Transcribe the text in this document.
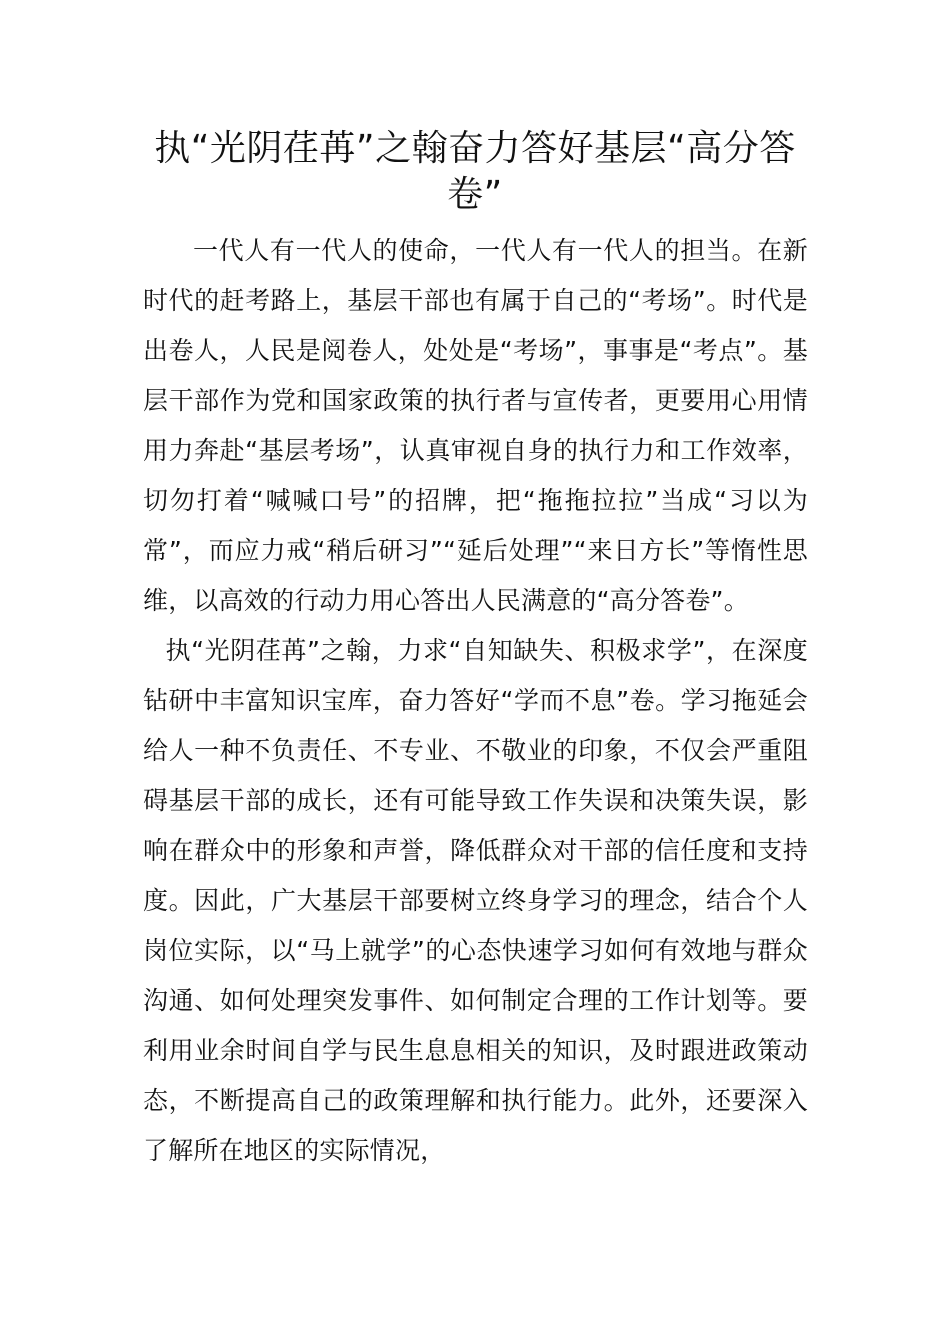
执“光阴荏苒”之翰奋力答好基层“高分答卷”

一代人有一代人的使命，一代人有一代人的担当。在新时代的赶考路上，基层干部也有属于自己的“考场”。时代是出卷人，人民是阅卷人，处处是“考场”，事事是“考点”。基层干部作为党和国家政策的执行者与宣传者，更要用心用情用力奔赴“基层考场”，认真审视自身的执行力和工作效率，切勿打着“喊喊口号”的招牌，把“拖拖拉拉”当成“习以为常”，而应力戒“稍后研习”“延后处理”“来日方长”等惰性思维，以高效的行动力用心答出人民满意的“高分答卷”。

执“光阴荏苒”之翰，力求“自知缺失、积极求学”，在深度钻研中丰富知识宝库，奋力答好“学而不息”卷。学习拖延会给人一种不负责任、不专业、不敬业的印象，不仅会严重阻碍基层干部的成长，还有可能导致工作失误和决策失误，影响在群众中的形象和声誉，降低群众对干部的信任度和支持度。因此，广大基层干部要树立终身学习的理念，结合个人岗位实际，以“马上就学”的心态快速学习如何有效地与群众沟通、如何处理突发事件、如何制定合理的工作计划等。要利用业余时间自学与民生息息相关的知识，及时跟进政策动态，不断提高自己的政策理解和执行能力。此外，还要深入了解所在地区的实际情况，
